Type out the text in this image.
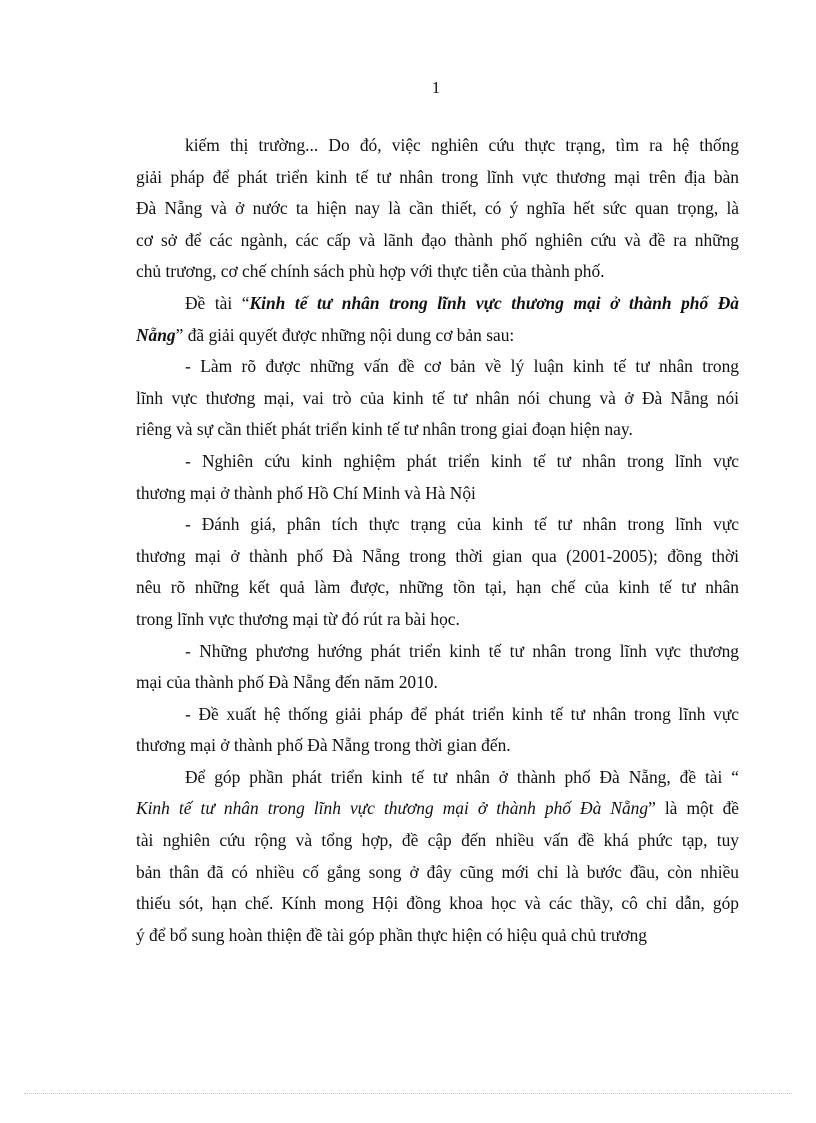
1
kiếm thị trường... Do đó, việc nghiên cứu thực trạng, tìm ra hệ thống
giải pháp để phát triển kinh tế tư nhân trong lĩnh vực thương mại trên địa bàn
Đà Nẵng và ở nước ta hiện nay là cần thiết, có ý nghĩa hết sức quan trọng, là
cơ sở để các ngành, các cấp và lãnh đạo thành phố nghiên cứu và đề ra những
chủ trương, cơ chế chính sách phù hợp với thực tiễn của thành phố.
Đề tài “Kinh tế tư nhân trong lĩnh vực thương mại ở thành phố Đà
Nẵng” đã giải quyết được những nội dung cơ bản sau:
- Làm rõ được những vấn đề cơ bản về lý luận kinh tế tư nhân trong
lĩnh vực thương mại, vai trò của kinh tế tư nhân nói chung và ở Đà Nẵng nói
riêng và sự cần thiết phát triển kinh tế tư nhân trong giai đoạn hiện nay.
- Nghiên cứu kinh nghiệm phát triển kinh tế tư nhân trong lĩnh vực
thương mại ở thành phố Hồ Chí Minh và Hà Nội
- Đánh giá, phân tích thực trạng của kinh tế tư nhân trong lĩnh vực
thương mại ở thành phố Đà Nẵng trong thời gian qua (2001-2005); đồng thời
nêu rõ những kết quả làm được, những tồn tại, hạn chế của kinh tế tư nhân
trong lĩnh vực thương mại từ đó rút ra bài học.
- Những phương hướng phát triển kinh tế tư nhân trong lĩnh vực thương
mại của thành phố Đà Nẵng đến năm 2010.
- Đề xuất hệ thống giải pháp để phát triển kinh tế tư nhân trong lĩnh vực
thương mại ở thành phố Đà Nẵng trong thời gian đến.
Để góp phần phát triển kinh tế tư nhân ở thành phố Đà Nẵng, đề tài “
Kinh tế tư nhân trong lĩnh vực thương mại ở thành phố Đà Nẵng” là một đề
tài nghiên cứu rộng và tổng hợp, đề cập đến nhiều vấn đề khá phức tạp, tuy
bản thân đã có nhiều cố gắng song ở đây cũng mới chỉ là bước đầu, còn nhiều
thiếu sót, hạn chế. Kính mong Hội đồng khoa học và các thầy, cô chỉ dẫn, góp
ý để bổ sung hoàn thiện đề tài góp phần thực hiện có hiệu quả chủ trương
